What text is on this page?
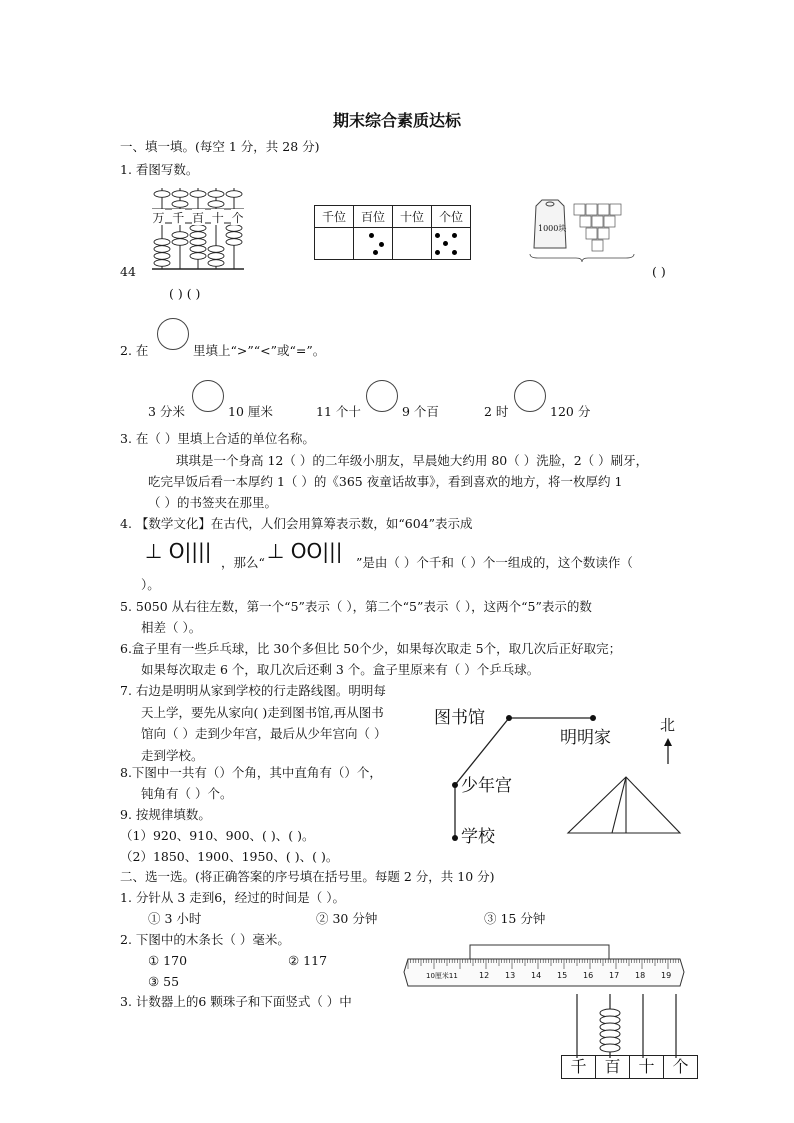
期末综合素质达标
一、填一填。(每空 1 分，共 28 分)
1. 看图写数。
万 千 百 十 个	千位	百位	十位	个位

1000块
44
( ) ( )
( )
2. 在	里填上“>”“<”或“=”。
3 分米	10 厘米	11 个十	9 个百	2 时	120 分
3. 在（ ）里填上合适的单位名称。
琪琪是一个身高 12（ ）的二年级小朋友，早晨她大约用 80（ ）洗脸，2（ ）刷牙，
吃完早饭后看一本厚约 1（ ）的《365 夜童话故事》，看到喜欢的地方，将一枚厚约 1
（ ）的书签夹在那里。
4. 【数学文化】在古代，人们会用算筹表示数，如“604”表示成
⊥ O|||| ，那么“ ⊥ OO||| ”是由（ ）个千和（ ）个一组成的，这个数读作（
）。
5. 5050 从右往左数，第一个“5”表示（ ），第二个“5”表示（ ），这两个“5”表示的数
相差（ ）。
6.盒子里有一些乒乓球，比 30个多但比 50个少，如果每次取走 5个，取几次后正好取完；
如果每次取走 6 个，取几次后还剩 3 个。盒子里原来有（ ）个乒乓球。
7. 右边是明明从家到学校的行走路线图。明明每
天上学，要先从家向( )走到图书馆,再从图书
馆向（ ）走到少年宫，最后从少年宫向（ ）
走到学校。
图书馆
明明家
少年宫
学校
北
8.下图中一共有（）个角，其中直角有（）个，
钝角有（ ）个。
9. 按规律填数。
（1）920、910、900、( )、( )。
（2）1850、1900、1950、( )、( )。
二、选一选。(将正确答案的序号填在括号里。每题 2 分，共 10 分)
1. 分针从 3 走到6，经过的时间是（ ）。
① 3 小时	② 30 分钟	③ 15 分钟
2. 下图中的木条长（ ）毫米。
① 170	② 117
③ 55	10厘米11	12 13 14 15 16 17 18 19
3. 计数器上的6 颗珠子和下面竖式（ ）中
千 百 十 个
